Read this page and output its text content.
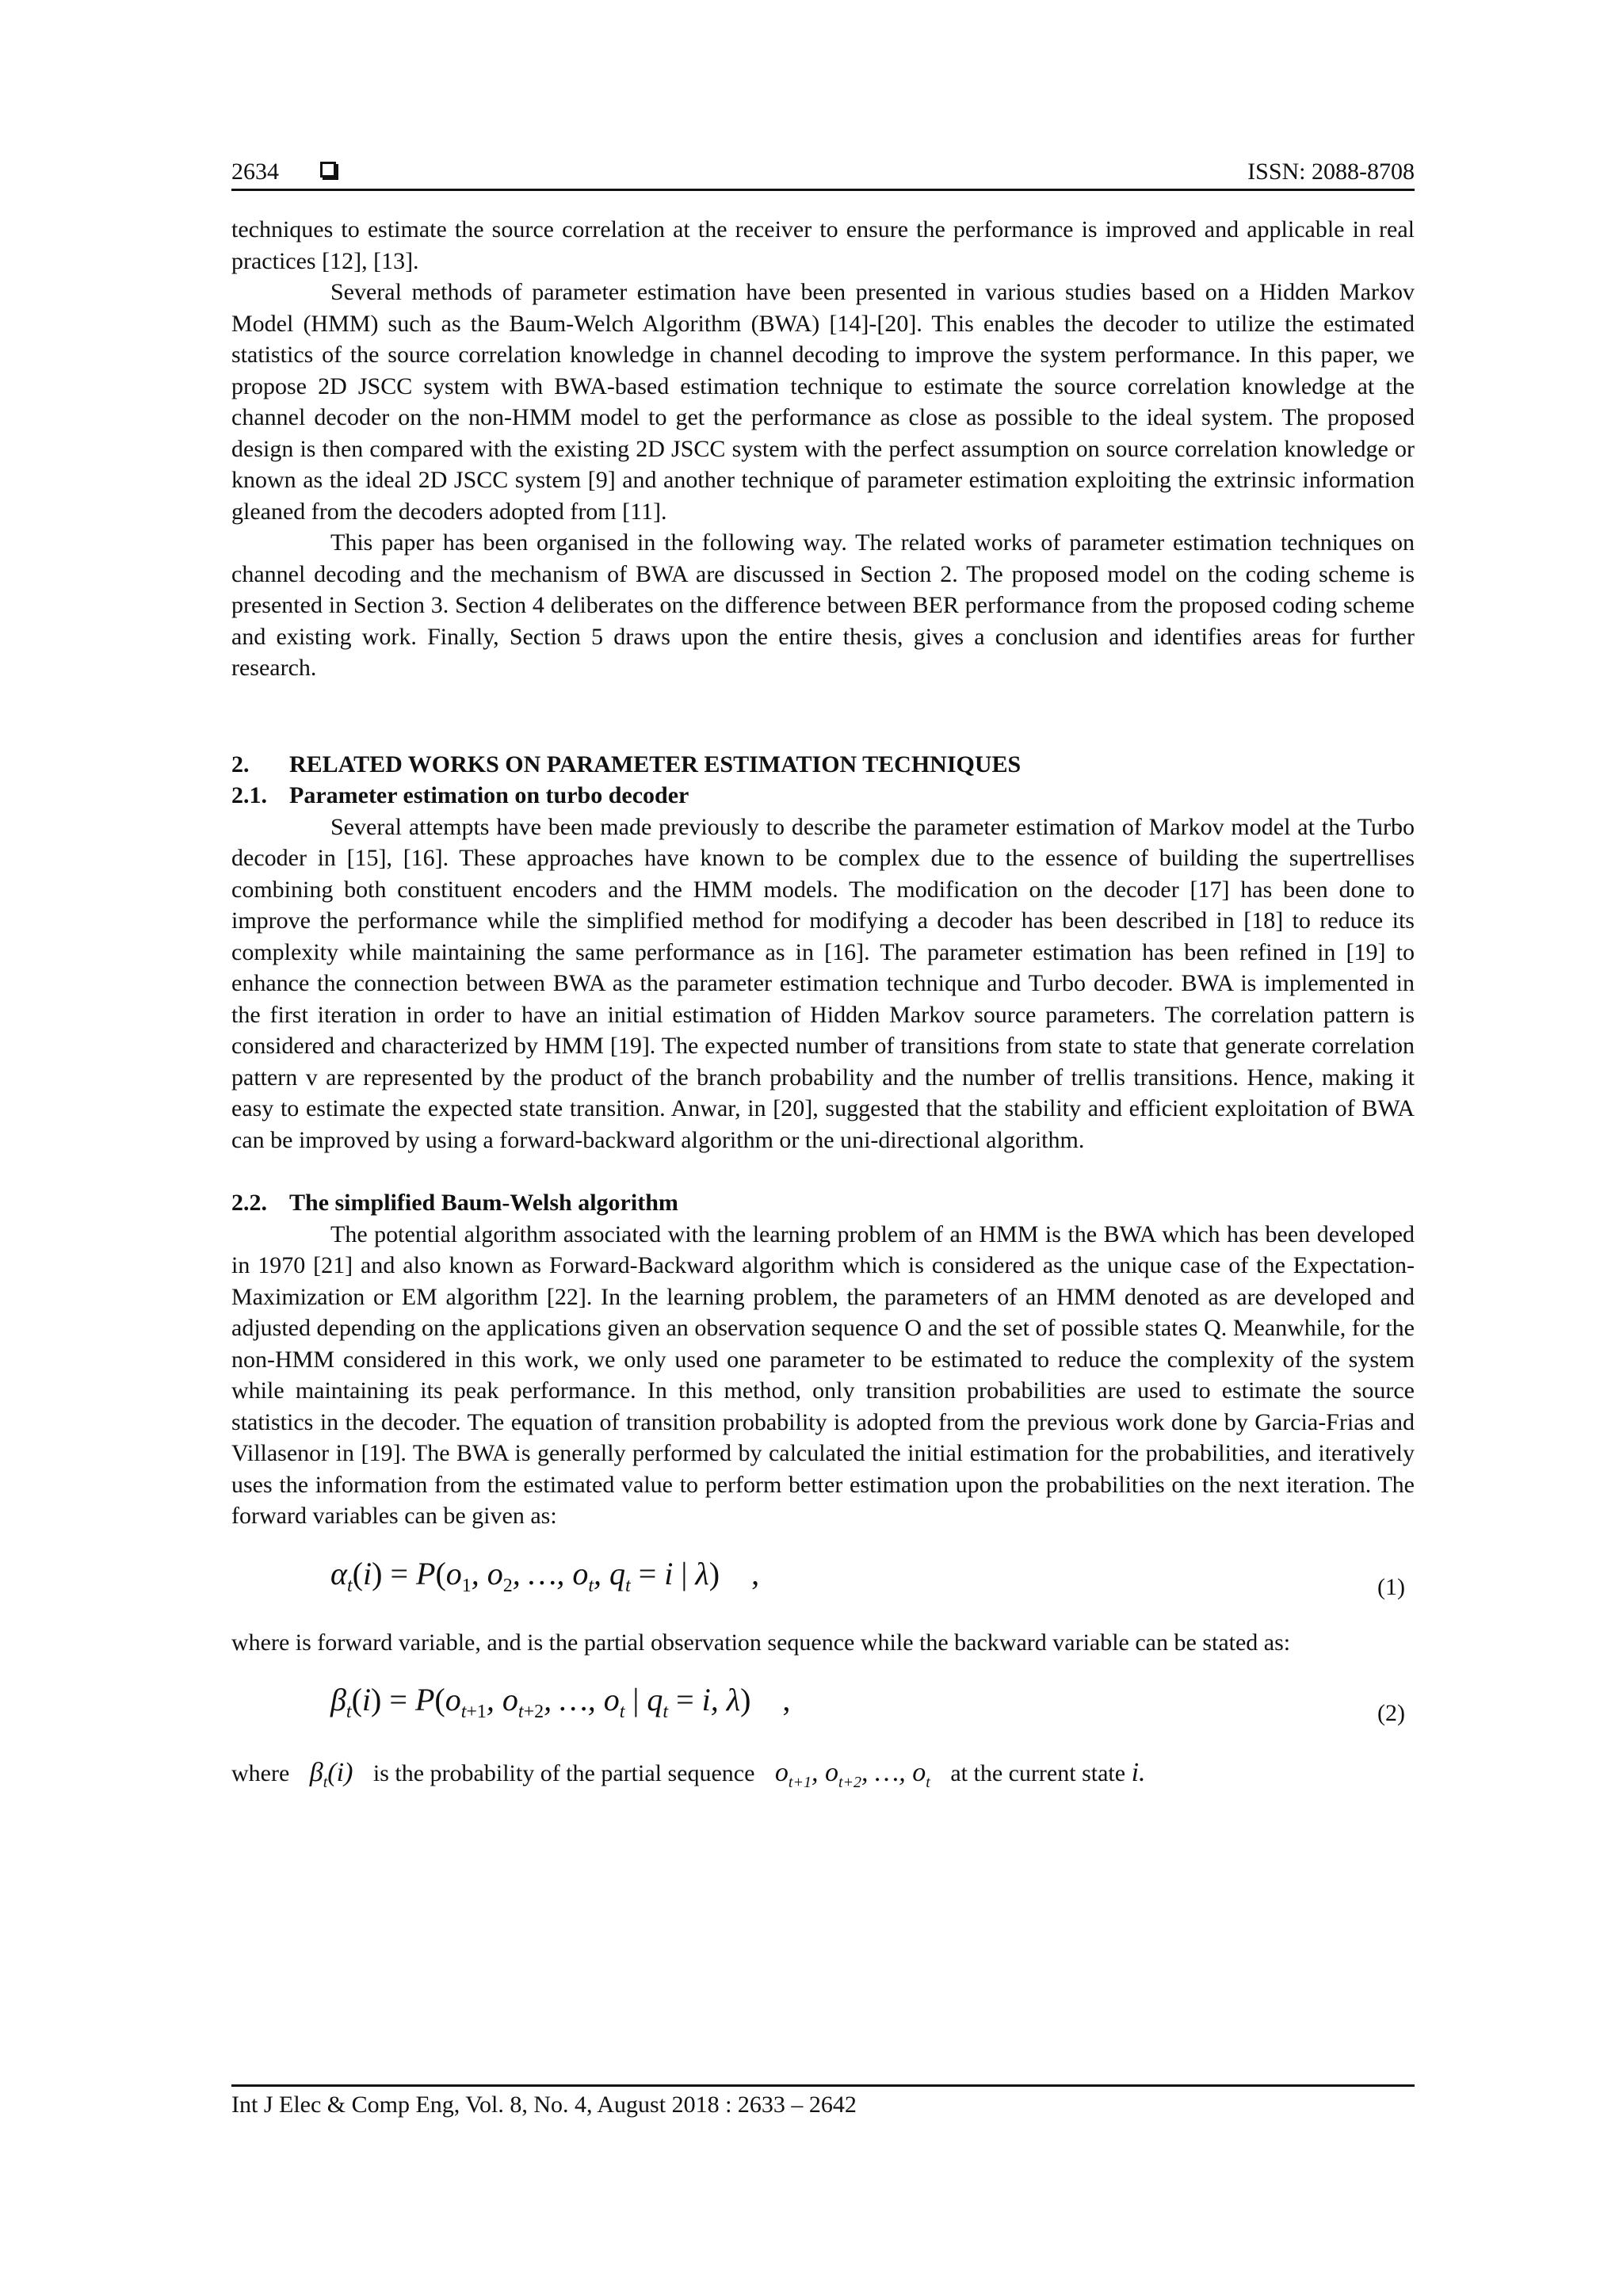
2634	ISSN: 2088-8708

techniques to estimate the source correlation at the receiver to ensure the performance is improved and applicable in real practices [12], [13].

Several methods of parameter estimation have been presented in various studies based on a Hidden Markov Model (HMM) such as the Baum-Welch Algorithm (BWA) [14]-[20]. This enables the decoder to utilize the estimated statistics of the source correlation knowledge in channel decoding to improve the system performance. In this paper, we propose 2D JSCC system with BWA-based estimation technique to estimate the source correlation knowledge at the channel decoder on the non-HMM model to get the performance as close as possible to the ideal system. The proposed design is then compared with the existing 2D JSCC system with the perfect assumption on source correlation knowledge or known as the ideal 2D JSCC system [9] and another technique of parameter estimation exploiting the extrinsic information gleaned from the decoders adopted from [11].

This paper has been organised in the following way. The related works of parameter estimation techniques on channel decoding and the mechanism of BWA are discussed in Section 2. The proposed model on the coding scheme is presented in Section 3. Section 4 deliberates on the difference between BER performance from the proposed coding scheme and existing work. Finally, Section 5 draws upon the entire thesis, gives a conclusion and identifies areas for further research.

2. RELATED WORKS ON PARAMETER ESTIMATION TECHNIQUES
2.1. Parameter estimation on turbo decoder

Several attempts have been made previously to describe the parameter estimation of Markov model at the Turbo decoder in [15], [16]. These approaches have known to be complex due to the essence of building the supertrellises combining both constituent encoders and the HMM models. The modification on the decoder [17] has been done to improve the performance while the simplified method for modifying a decoder has been described in [18] to reduce its complexity while maintaining the same performance as in [16]. The parameter estimation has been refined in [19] to enhance the connection between BWA as the parameter estimation technique and Turbo decoder. BWA is implemented in the first iteration in order to have an initial estimation of Hidden Markov source parameters. The correlation pattern is considered and characterized by HMM [19]. The expected number of transitions from state to state that generate correlation pattern v are represented by the product of the branch probability and the number of trellis transitions. Hence, making it easy to estimate the expected state transition. Anwar, in [20], suggested that the stability and efficient exploitation of BWA can be improved by using a forward-backward algorithm or the uni-directional algorithm.

2.2. The simplified Baum-Welsh algorithm

The potential algorithm associated with the learning problem of an HMM is the BWA which has been developed in 1970 [21] and also known as Forward-Backward algorithm which is considered as the unique case of the Expectation-Maximization or EM algorithm [22]. In the learning problem, the parameters of an HMM denoted as are developed and adjusted depending on the applications given an observation sequence O and the set of possible states Q. Meanwhile, for the non-HMM considered in this work, we only used one parameter to be estimated to reduce the complexity of the system while maintaining its peak performance. In this method, only transition probabilities are used to estimate the source statistics in the decoder. The equation of transition probability is adopted from the previous work done by Garcia-Frias and Villasenor in [19]. The BWA is generally performed by calculated the initial estimation for the probabilities, and iteratively uses the information from the estimated value to perform better estimation upon the probabilities on the next iteration. The forward variables can be given as:

$\alpha_t(i) = P(o_1$, $o_2$, …, $o_t$, $q_t = i$ | λ)    ,	(1)

where is forward variable, and is the partial observation sequence while the backward variable can be stated as:

$\beta_t(i) = P(o_{t+1}$, $o_{t+2}$, …, $o_t$ | $q_t = i$, λ)    ,	(2)
where $\beta_t(i)$ is the probability of the partial sequence $o_{t+1}$, $o_{t+2}$, …, $o_t$ at the current state i.
Int J Elec & Comp Eng, Vol. 8, No. 4, August 2018 : 2633 – 2642
